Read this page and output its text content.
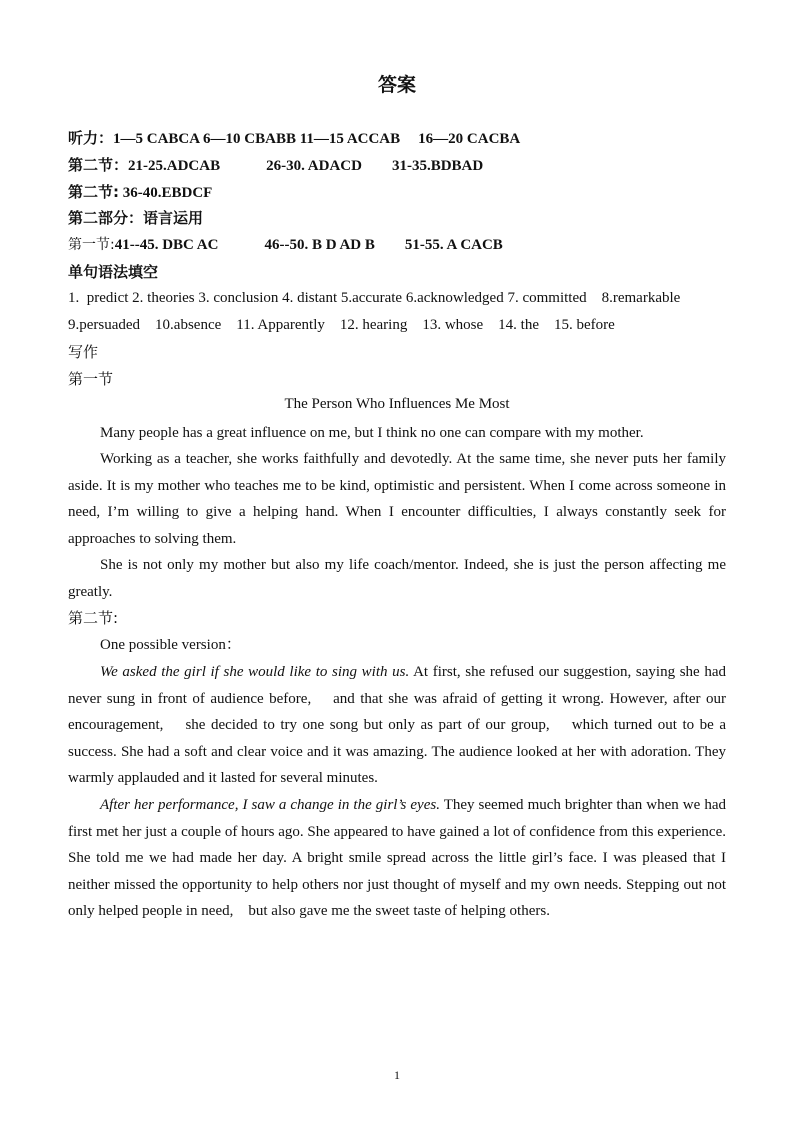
答案
听力：1—5 CABCA 6—10 CBABB 11—15 ACCAB 16—20 CACBA
第二节：21-25.ADCAB	26-30. ADACD 31-35.BDBAD
第二节: 36-40.EBDCF
第二部分：语言运用
第一节:41--45. DBC AC	46--50. B D AD B 51-55. A CACB
单句语法填空
1.  predict 2. theories 3. conclusion 4. distant 5.accurate 6.acknowledged 7. committed    8.remarkable
9.persuaded    10.absence    11. Apparently    12. hearing    13. whose    14. the    15. before
写作
第一节
The Person Who Influences Me Most

Many people has a great influence on me, but I think no one can compare with my mother.

Working as a teacher, she works faithfully and devotedly. At the same time, she never puts her family aside. It is my mother who teaches me to be kind, optimistic and persistent. When I come across someone in need, I’m willing to give a helping hand. When I encounter difficulties, I always constantly seek for approaches to solving them.

She is not only my mother but also my life coach/mentor. Indeed, she is just the person affecting me greatly.

第二节:
One possible version：

We asked the girl if she would like to sing with us. At first, she refused our suggestion, saying she had never sung in front of audience before,    and that she was afraid of getting it wrong. However, after our encouragement,    she decided to try one song but only as part of our group,    which turned out to be a success. She had a soft and clear voice and it was amazing. The audience looked at her with adoration. They warmly applauded and it lasted for several minutes.

After her performance, I saw a change in the girl’s eyes. They seemed much brighter than when we had first met her just a couple of hours ago. She appeared to have gained a lot of confidence from this experience. She told me we had made her day. A bright smile spread across the little girl’s face. I was pleased that I neither missed the opportunity to help others nor just thought of myself and my own needs. Stepping out not only helped people in need,    but also gave me the sweet taste of helping others.

1
